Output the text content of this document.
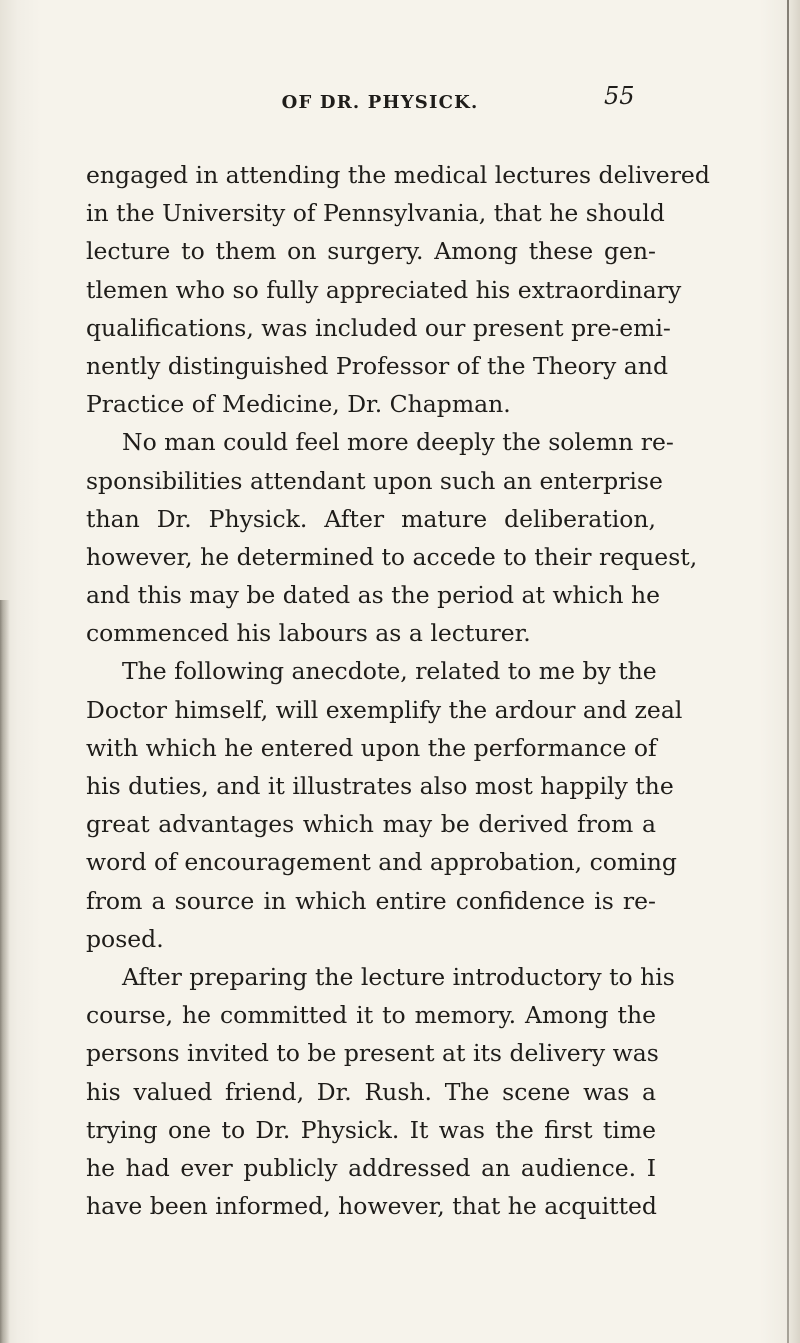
OF DR. PHYSICK.	55
engaged in attending the medical lectures delivered
in the University of Pennsylvania, that he should
lecture to them on surgery. Among these gen-
tlemen who so fully appreciated his extraordinary
qualifications, was included our present pre-emi-
nently distinguished Professor of the Theory and
Practice of Medicine, Dr. Chapman.
No man could feel more deeply the solemn re-
sponsibilities attendant upon such an enterprise
than Dr. Physick. After mature deliberation,
however, he determined to accede to their request,
and this may be dated as the period at which he
commenced his labours as a lecturer.
The following anecdote, related to me by the
Doctor himself, will exemplify the ardour and zeal
with which he entered upon the performance of
his duties, and it illustrates also most happily the
great advantages which may be derived from a
word of encouragement and approbation, coming
from a source in which entire confidence is re-
posed.
After preparing the lecture introductory to his
course, he committed it to memory. Among the
persons invited to be present at its delivery was
his valued friend, Dr. Rush. The scene was a
trying one to Dr. Physick. It was the first time
he had ever publicly addressed an audience. I
have been informed, however, that he acquitted
